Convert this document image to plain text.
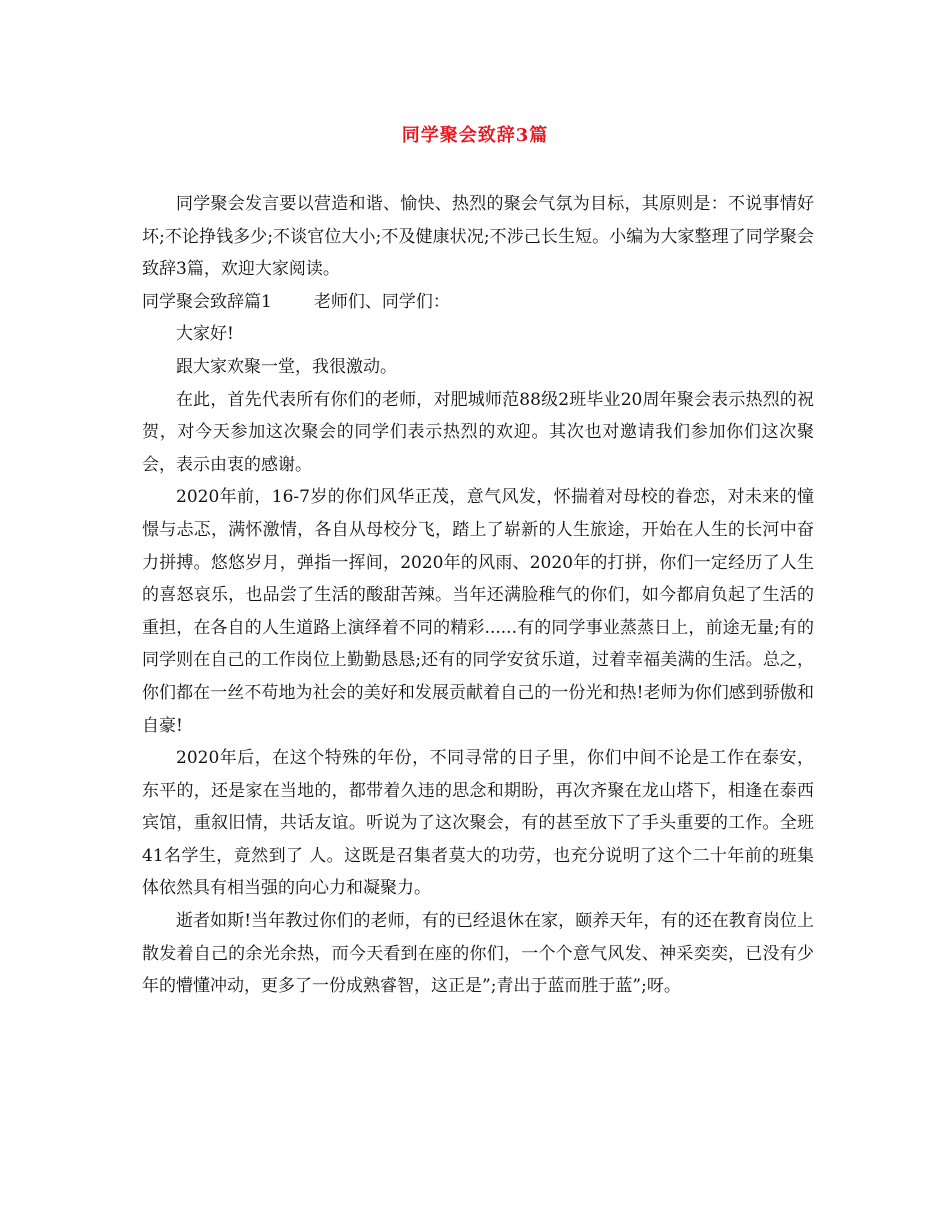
同学聚会致辞3篇

同学聚会发言要以营造和谐、愉快、热烈的聚会气氛为目标，其原则是：不说事情好坏;不论挣钱多少;不谈官位大小;不及健康状况;不涉己长生短。小编为大家整理了同学聚会致辞3篇，欢迎大家阅读。

同学聚会致辞篇1 老师们、同学们：

大家好!

跟大家欢聚一堂，我很激动。

在此，首先代表所有你们的老师，对肥城师范88级2班毕业20周年聚会表示热烈的祝贺，对今天参加这次聚会的同学们表示热烈的欢迎。其次也对邀请我们参加你们这次聚会，表示由衷的感谢。

2020年前，16-7岁的你们风华正茂，意气风发，怀揣着对母校的眷恋，对未来的憧憬与忐忑，满怀激情，各自从母校分飞，踏上了崭新的人生旅途，开始在人生的长河中奋力拼搏。悠悠岁月，弹指一挥间，2020年的风雨、2020年的打拼，你们一定经历了人生的喜怒哀乐，也品尝了生活的酸甜苦辣。当年还满脸稚气的你们，如今都肩负起了生活的重担，在各自的人生道路上演绎着不同的精彩......有的同学事业蒸蒸日上，前途无量;有的同学则在自己的工作岗位上勤勤恳恳;还有的同学安贫乐道，过着幸福美满的生活。总之，你们都在一丝不苟地为社会的美好和发展贡献着自己的一份光和热!老师为你们感到骄傲和自豪!

2020年后，在这个特殊的年份，不同寻常的日子里，你们中间不论是工作在泰安，东平的，还是家在当地的，都带着久违的思念和期盼，再次齐聚在龙山塔下，相逢在泰西宾馆，重叙旧情，共话友谊。听说为了这次聚会，有的甚至放下了手头重要的工作。全班41名学生，竟然到了 人。这既是召集者莫大的功劳，也充分说明了这个二十年前的班集体依然具有相当强的向心力和凝聚力。

逝者如斯!当年教过你们的老师，有的已经退休在家，颐养天年，有的还在教育岗位上散发着自己的余光余热，而今天看到在座的你们，一个个意气风发、神采奕奕，已没有少年的懵懂冲动，更多了一份成熟睿智，这正是”;青出于蓝而胜于蓝”;呀。
